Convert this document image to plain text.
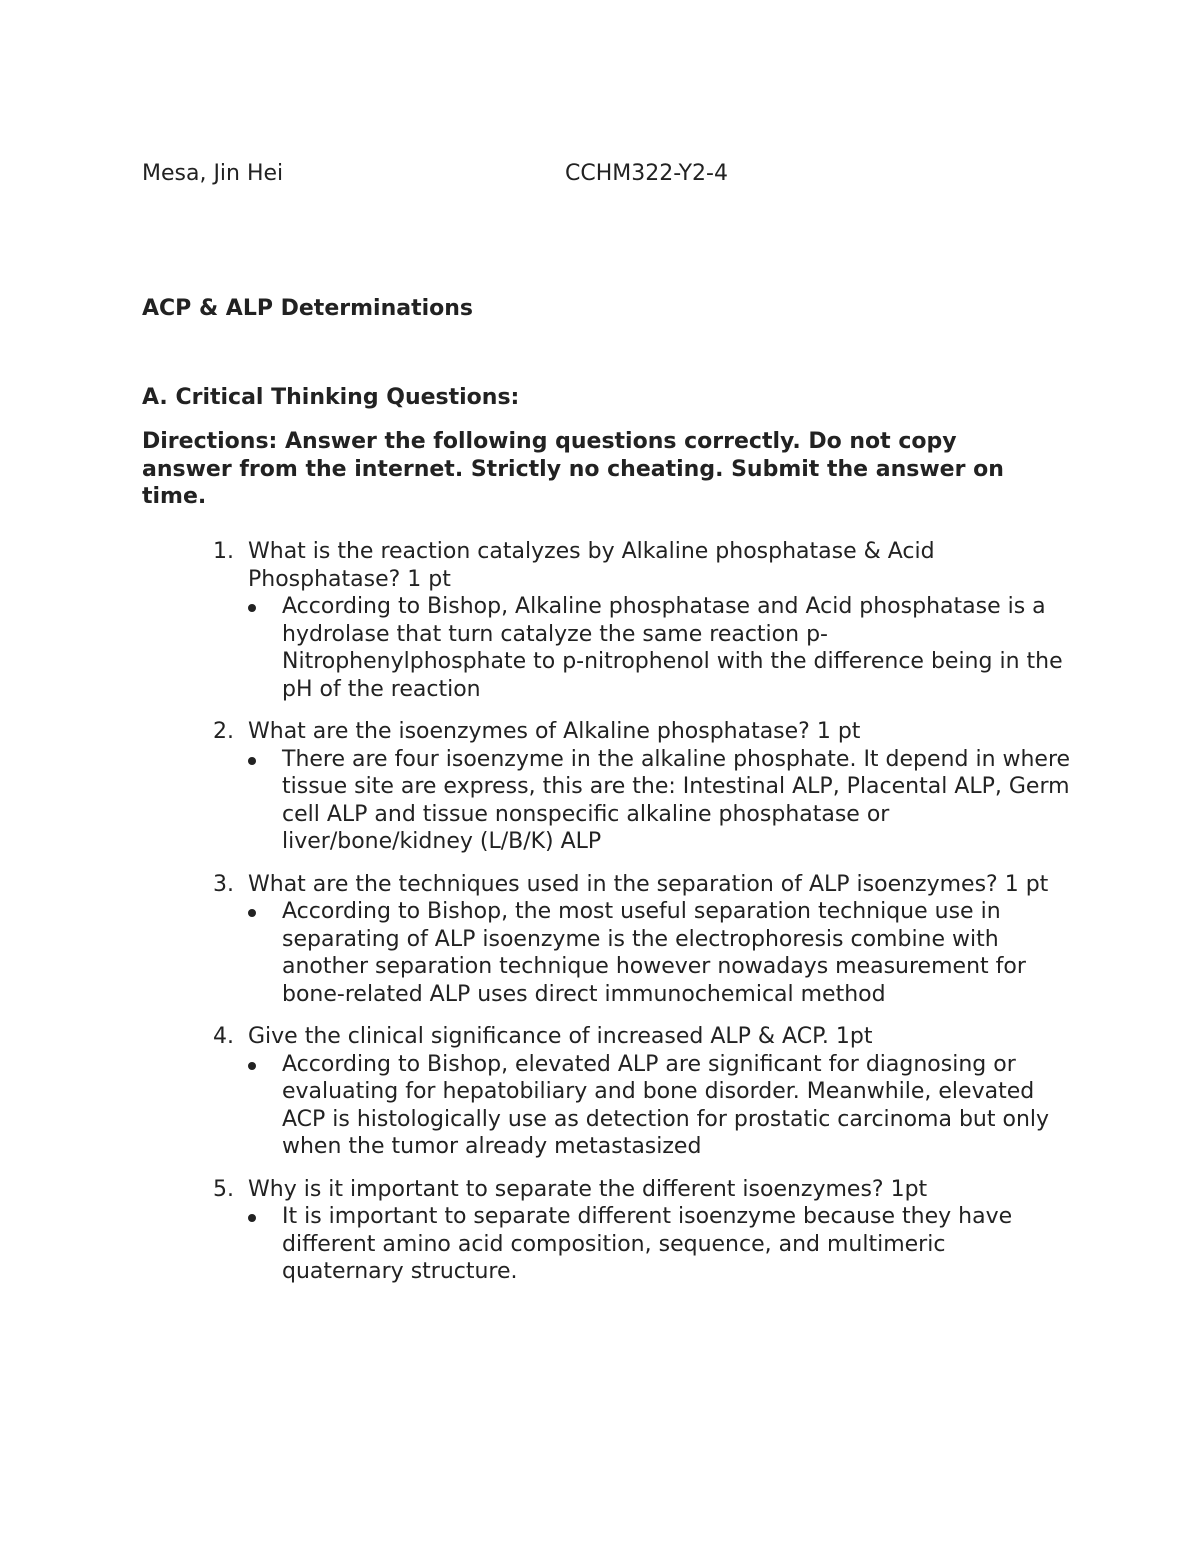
Mesa, Jin Hei	CCHM322-Y2-4
ACP & ALP Determinations
A. Critical Thinking Questions:

Directions: Answer the following questions correctly. Do not copy answer from the internet. Strictly no cheating. Submit the answer on time.

1. What is the reaction catalyzes by Alkaline phosphatase & Acid Phosphatase? 1 pt
According to Bishop, Alkaline phosphatase and Acid phosphatase is a hydrolase that turn catalyze the same reaction p-Nitrophenylphosphate to p-nitrophenol with the difference being in the pH of the reaction
2. What are the isoenzymes of Alkaline phosphatase? 1 pt
There are four isoenzyme in the alkaline phosphate. It depend in where tissue site are express, this are the: Intestinal ALP, Placental ALP, Germ cell ALP and tissue nonspecific alkaline phosphatase or liver/bone/kidney (L/B/K) ALP
3. What are the techniques used in the separation of ALP isoenzymes? 1 pt
According to Bishop, the most useful separation technique use in separating of ALP isoenzyme is the electrophoresis combine with another separation technique however nowadays measurement for bone-related ALP uses direct immunochemical method
4. Give the clinical significance of increased ALP & ACP. 1pt
According to Bishop, elevated ALP are significant for diagnosing or evaluating for hepatobiliary and bone disorder. Meanwhile, elevated ACP is histologically use as detection for prostatic carcinoma but only when the tumor already metastasized
5. Why is it important to separate the different isoenzymes? 1pt
It is important to separate different isoenzyme because they have different amino acid composition, sequence, and multimeric quaternary structure.
